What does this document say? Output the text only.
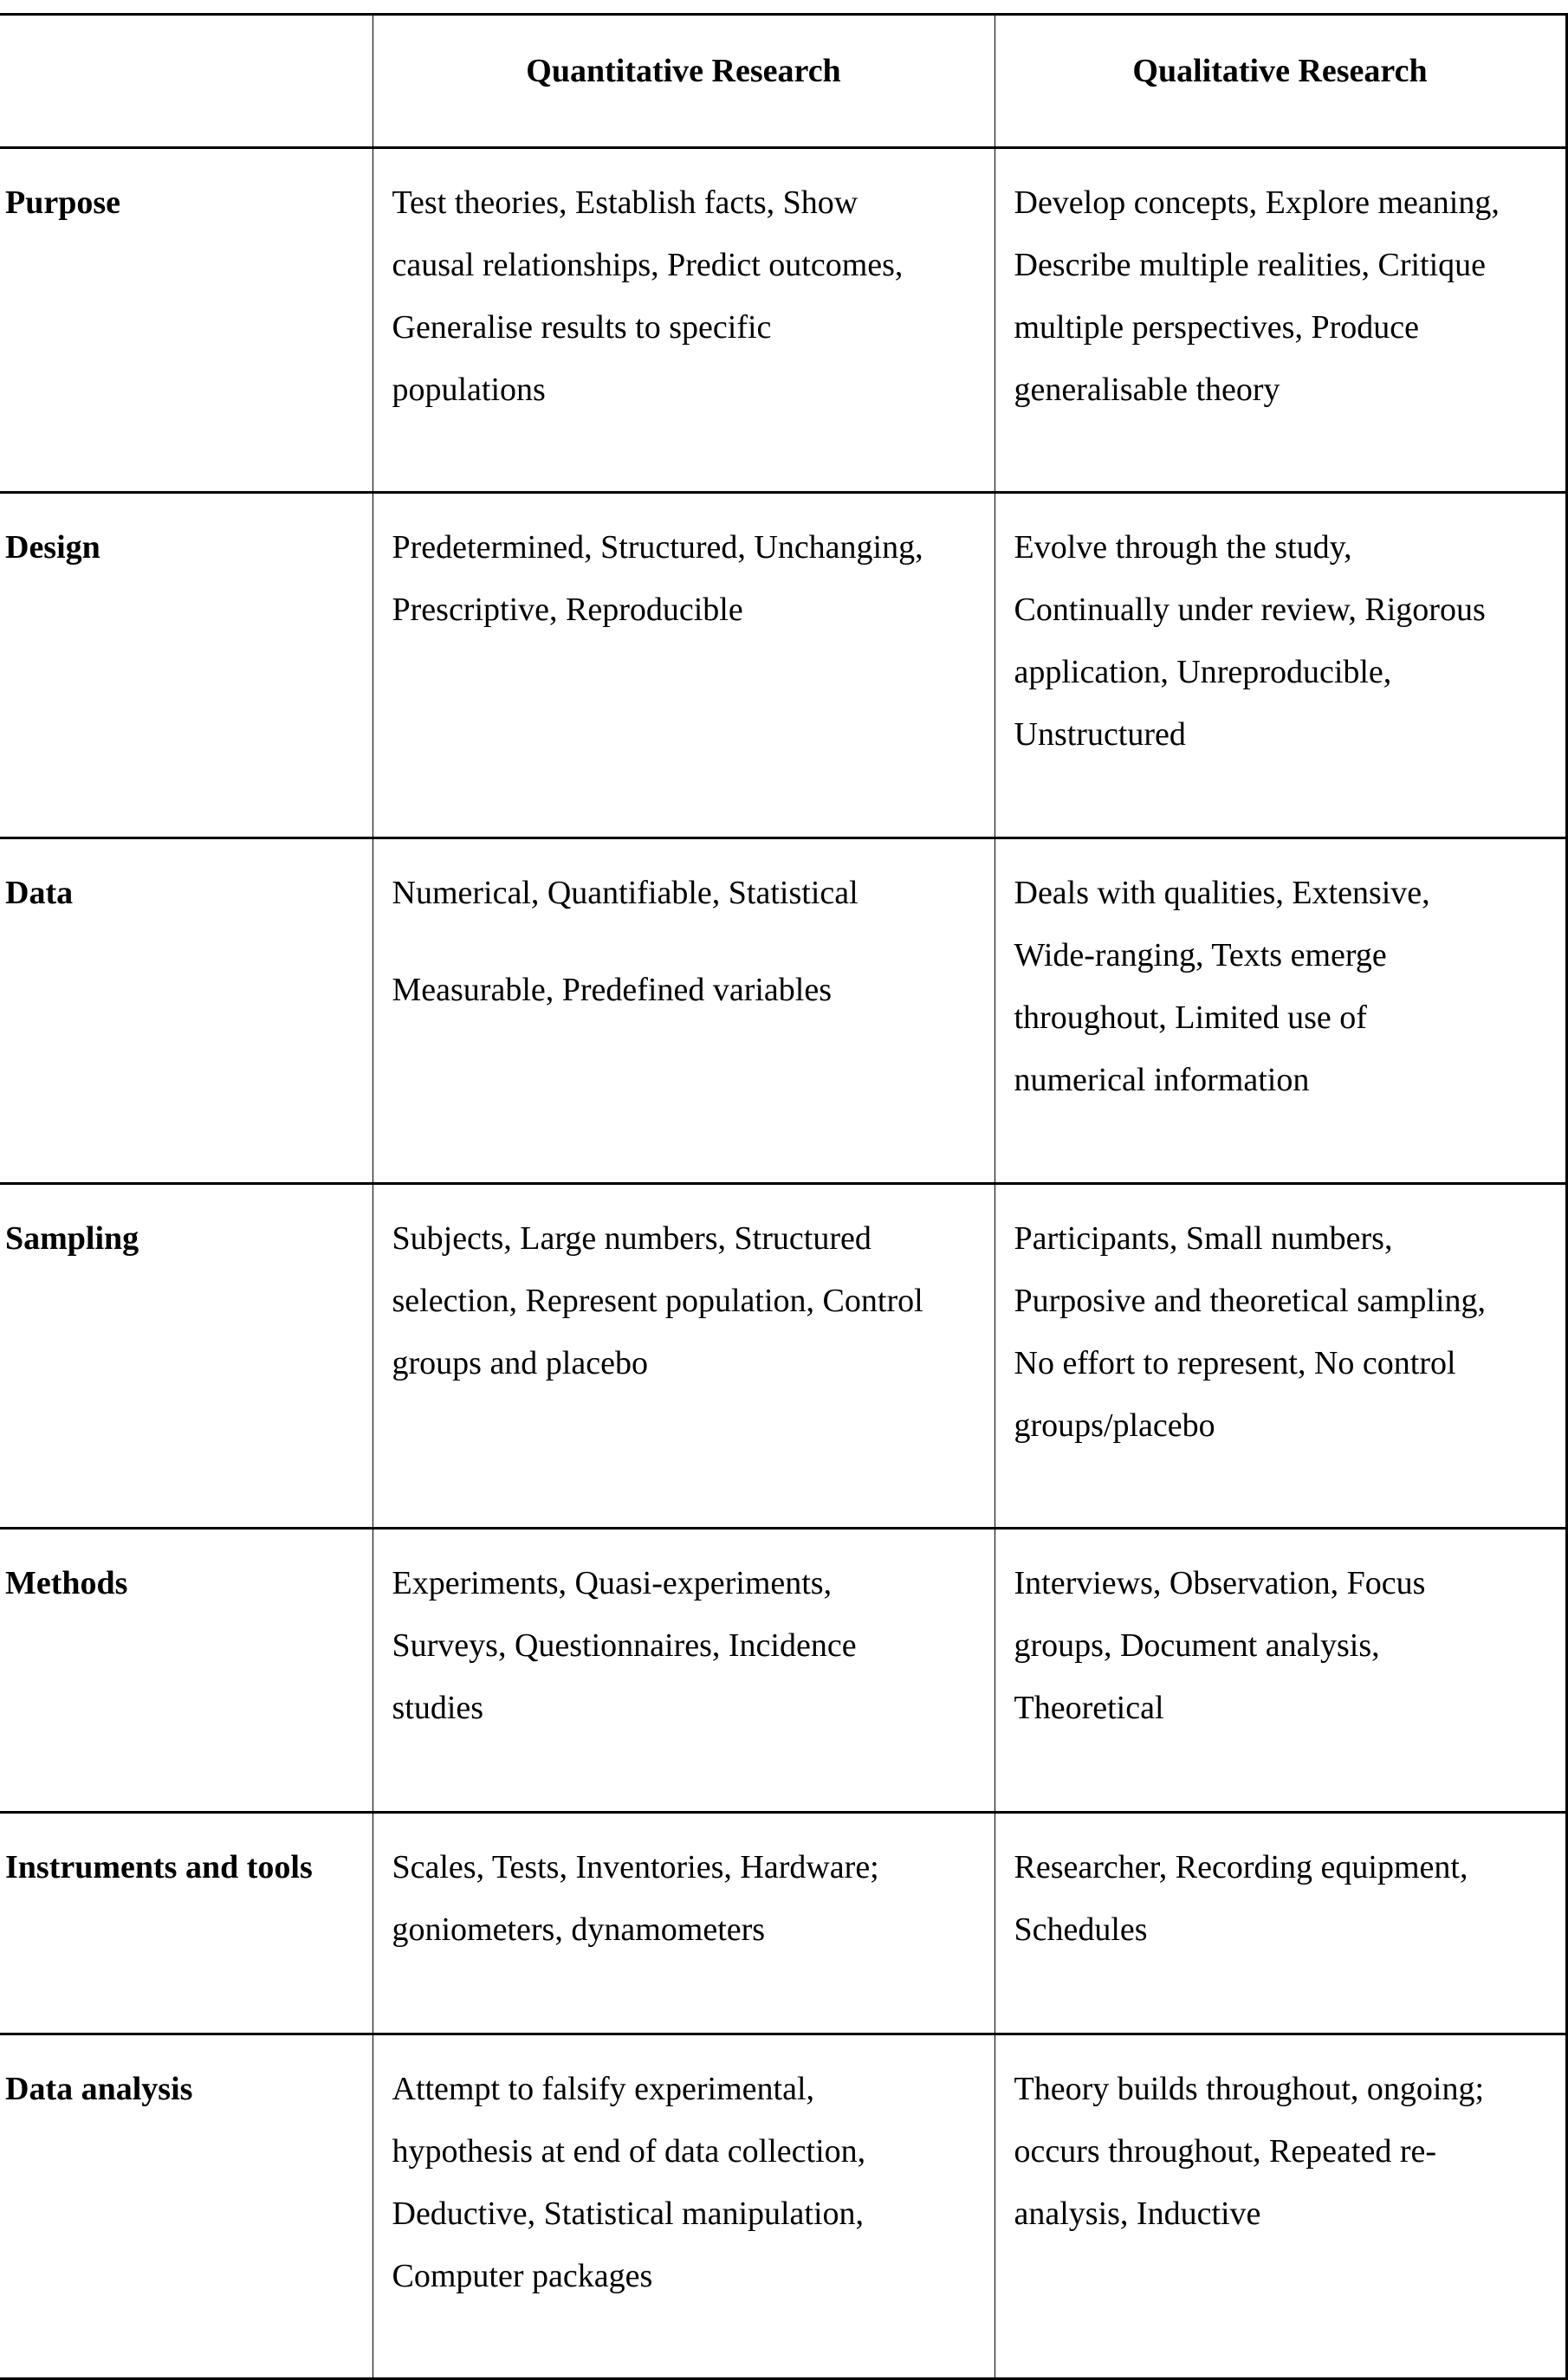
	Quantitative Research	Qualitative Research
Purpose	Test theories, Establish facts, Show
causal relationships, Predict outcomes,
Generalise results to specific
populations	Develop concepts, Explore meaning,
Describe multiple realities, Critique
multiple perspectives, Produce
generalisable theory

Design	Predetermined, Structured, Unchanging,
Prescriptive, Reproducible	Evolve through the study,
Continually under review, Rigorous
application, Unreproducible,
Unstructured

Data	Numerical, Quantifiable, Statistical
Measurable, Predefined variables	Deals with qualities, Extensive,
Wide-ranging, Texts emerge
throughout, Limited use of
numerical information

Sampling	Subjects, Large numbers, Structured
selection, Represent population, Control
groups and placebo	Participants, Small numbers,
Purposive and theoretical sampling,
No effort to represent, No control
groups/placebo

Methods	Experiments, Quasi-experiments,
Surveys, Questionnaires, Incidence
studies	Interviews, Observation, Focus
groups, Document analysis,
Theoretical

Instruments and tools	Scales, Tests, Inventories, Hardware;
goniometers, dynamometers	Researcher, Recording equipment,
Schedules

Data analysis	Attempt to falsify experimental,
hypothesis at end of data collection,
Deductive, Statistical manipulation,
Computer packages	Theory builds throughout, ongoing;
occurs throughout, Repeated re-
analysis, Inductive
